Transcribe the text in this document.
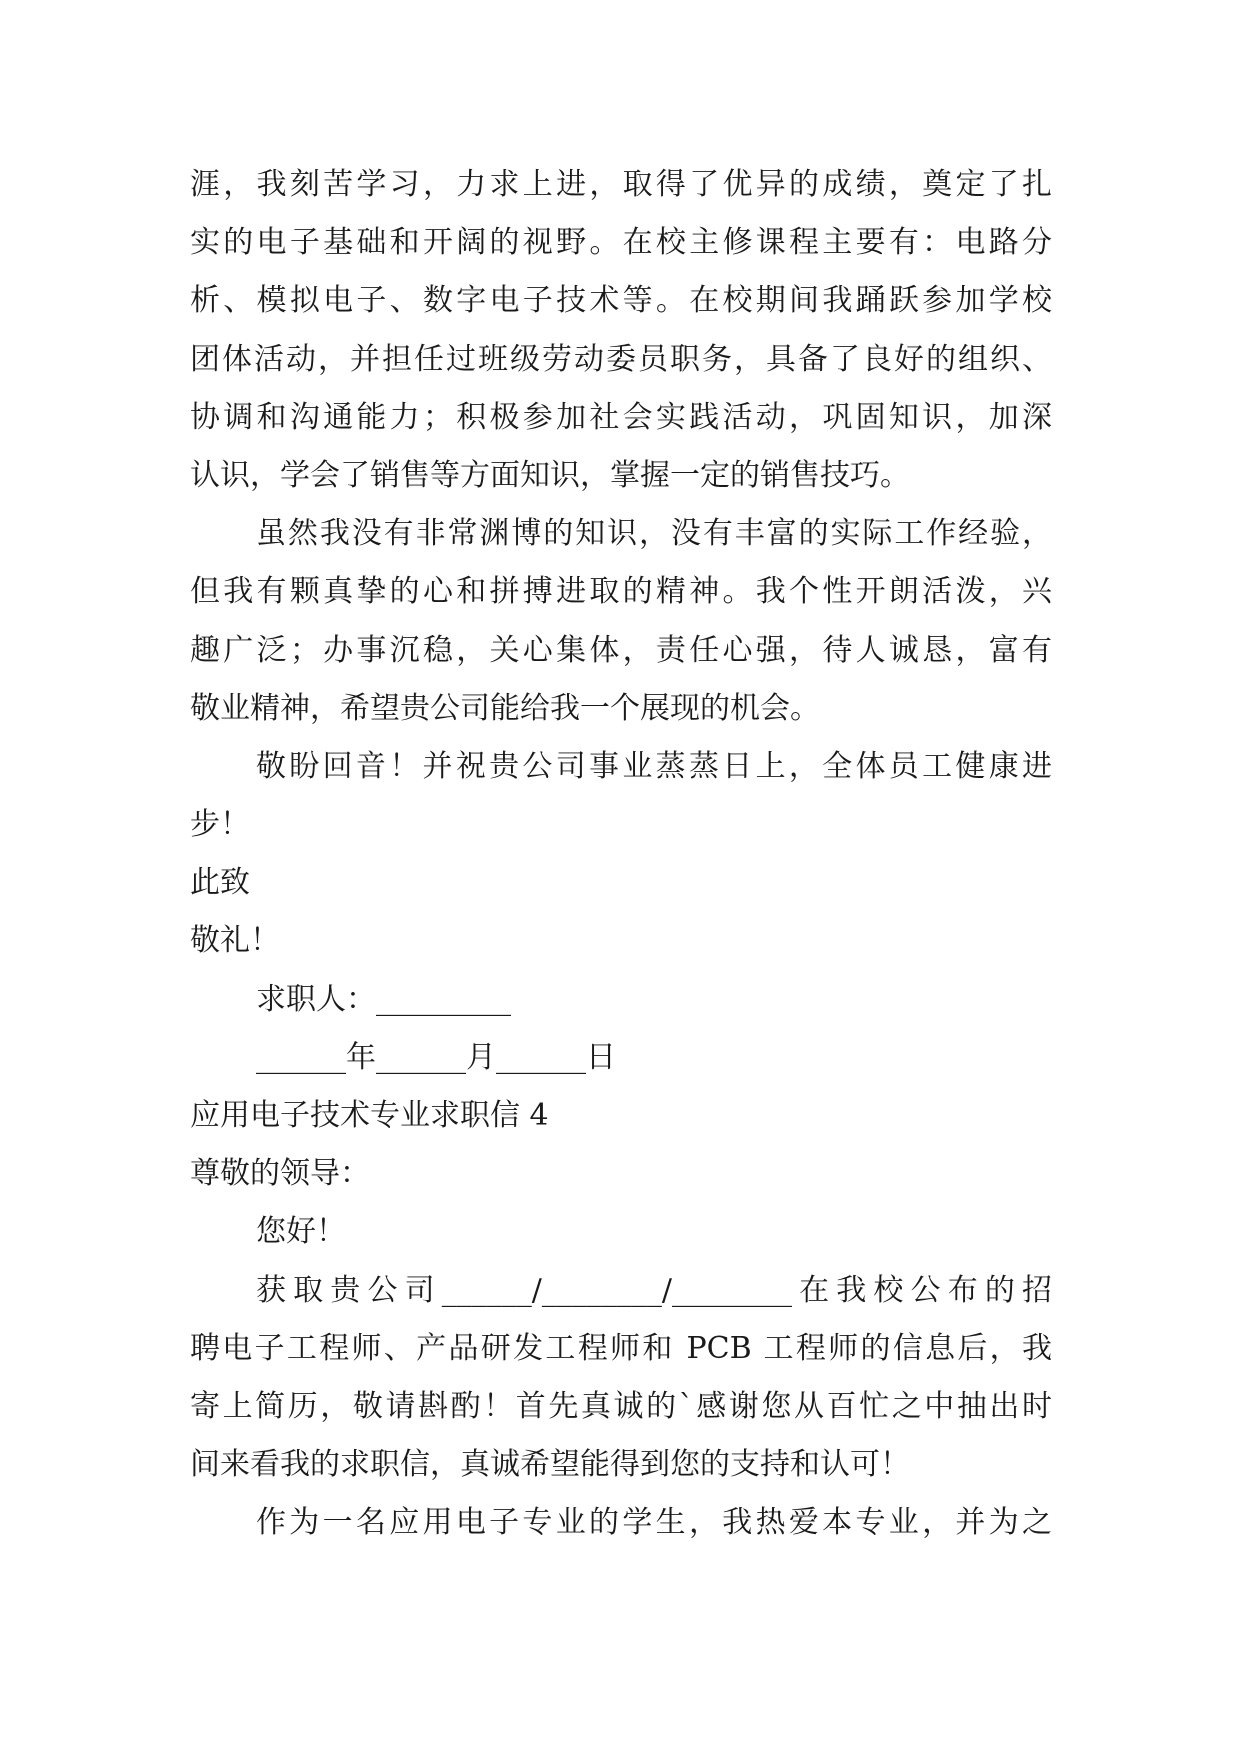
涯，我刻苦学习，力求上进，取得了优异的成绩，奠定了扎
实的电子基础和开阔的视野。在校主修课程主要有：电路分
析、模拟电子、数字电子技术等。在校期间我踊跃参加学校
团体活动，并担任过班级劳动委员职务，具备了良好的组织、
协调和沟通能力；积极参加社会实践活动，巩固知识，加深
认识，学会了销售等方面知识，掌握一定的销售技巧。
虽然我没有非常渊博的知识，没有丰富的实际工作经验，
但我有颗真挚的心和拼搏进取的精神。我个性开朗活泼，兴
趣广泛；办事沉稳，关心集体，责任心强，待人诚恳，富有
敬业精神，希望贵公司能给我一个展现的机会。
敬盼回音！并祝贵公司事业蒸蒸日上，全体员工健康进
步！
此致
敬礼！
求职人：_________
______年______月______日
应用电子技术专业求职信 4
尊敬的领导：
您好！
获取贵公司______/________/________在我校公布的招
聘电子工程师、产品研发工程师和 PCB 工程师的信息后，我
寄上简历，敬请斟酌！首先真诚的`感谢您从百忙之中抽出时
间来看我的求职信，真诚希望能得到您的支持和认可！
作为一名应用电子专业的学生，我热爱本专业，并为之
